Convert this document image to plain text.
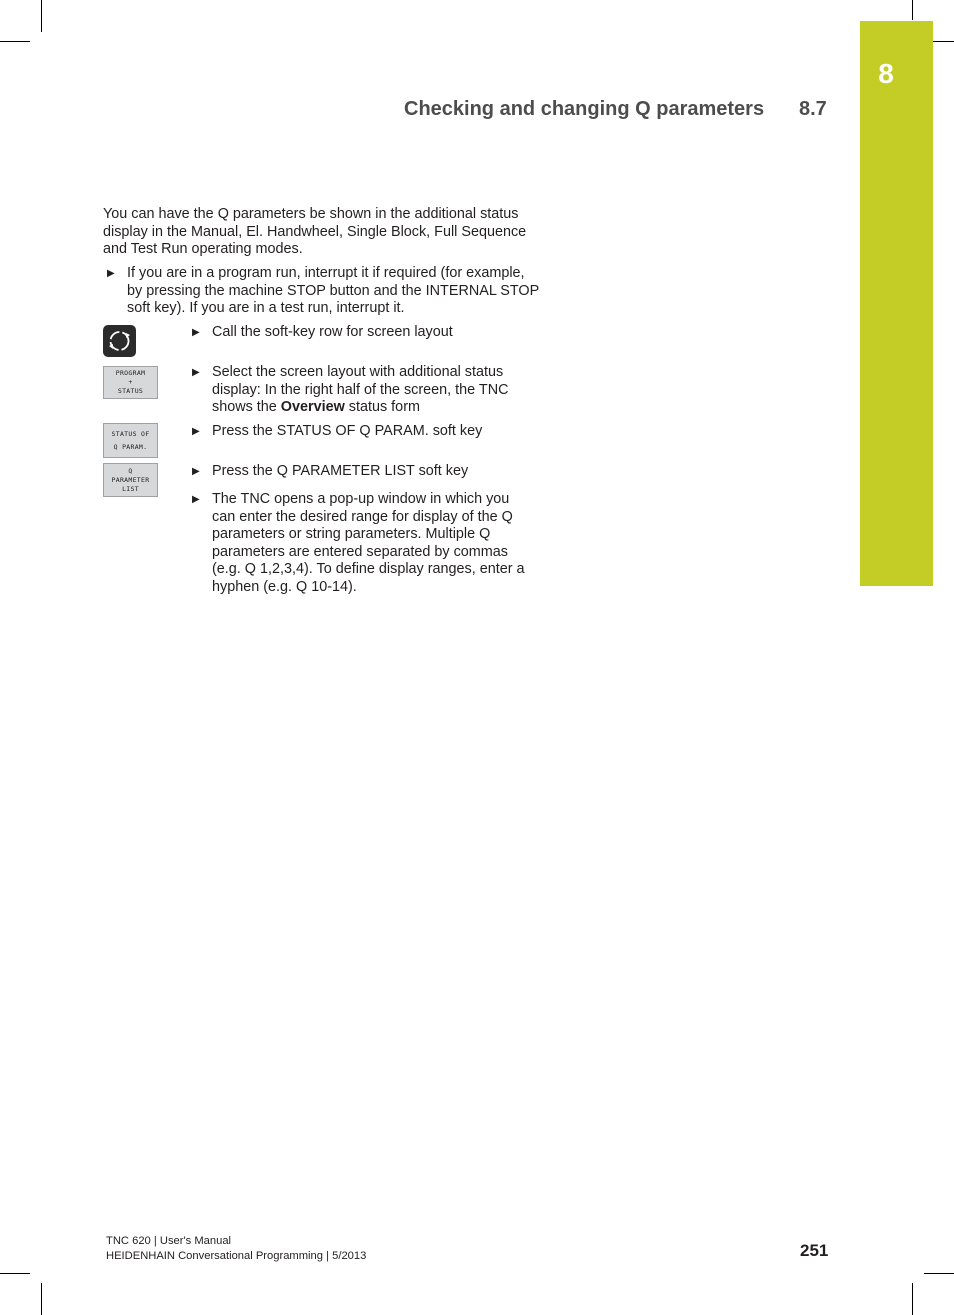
8
Checking and changing Q parameters 8.7

You can have the Q parameters be shown in the additional status display in the Manual, El. Handwheel, Single Block, Full Sequence and Test Run operating modes.

▶ If you are in a program run, interrupt it if required (for example, by pressing the machine STOP button and the INTERNAL STOP soft key). If you are in a test run, interrupt it.
▶ Call the soft-key row for screen layout
PROGRAM
+
STATUS
▶ Select the screen layout with additional status display: In the right half of the screen, the TNC shows the Overview status form
STATUS OF
Q PARAM.
▶ Press the STATUS OF Q PARAM. soft key
Q
PARAMETER
LIST
▶ Press the Q PARAMETER LIST soft key
▶ The TNC opens a pop-up window in which you can enter the desired range for display of the Q parameters or string parameters. Multiple Q parameters are entered separated by commas (e.g. Q 1,2,3,4). To define display ranges, enter a hyphen (e.g. Q 10-14).
TNC 620 | User's Manual
HEIDENHAIN Conversational Programming | 5/2013	251
